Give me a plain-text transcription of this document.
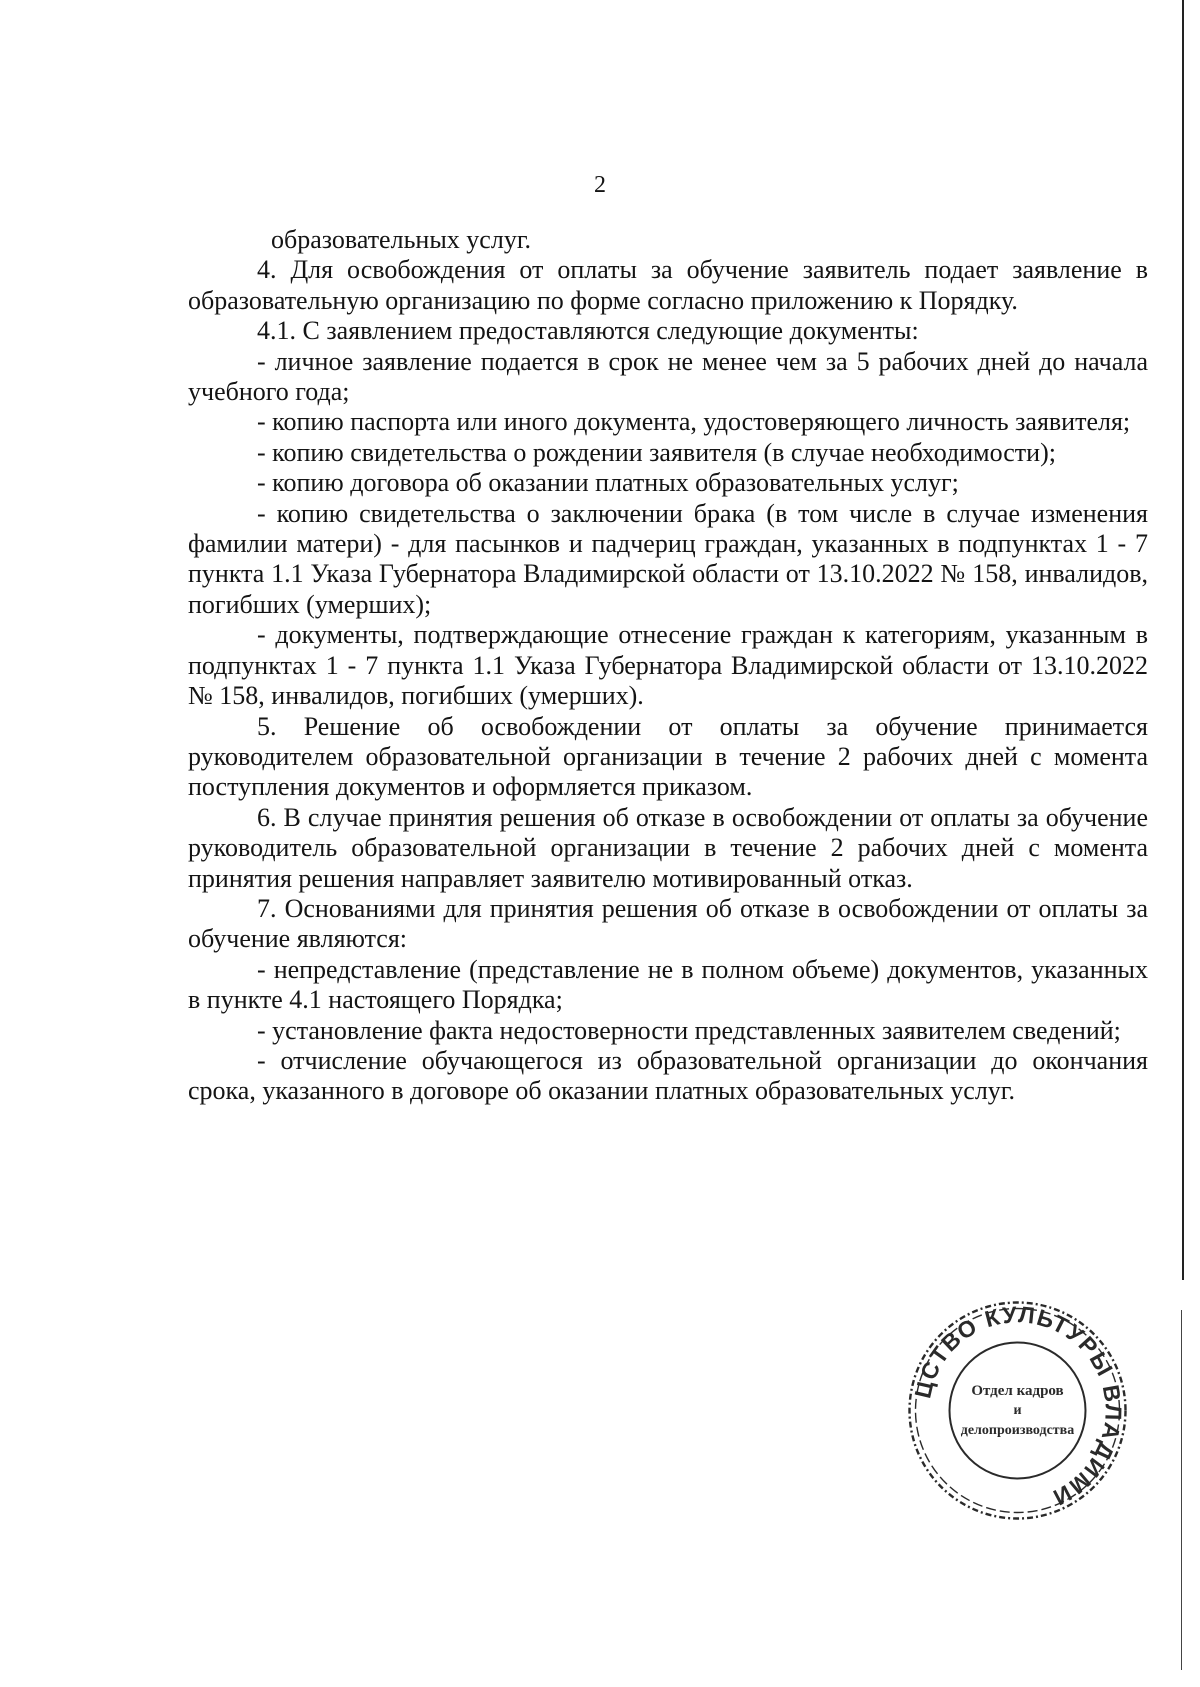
2

образовательных услуг.

4. Для освобождения от оплаты за обучение заявитель подает заявление в образовательную организацию по форме согласно приложению к Порядку.

4.1. С заявлением предоставляются следующие документы:

- личное заявление подается в срок не менее чем за 5 рабочих дней до начала учебного года;

- копию паспорта или иного документа, удостоверяющего личность заявителя;

- копию свидетельства о рождении заявителя (в случае необходимости);

- копию договора об оказании платных образовательных услуг;

- копию свидетельства о заключении брака (в том числе в случае изменения фамилии матери) - для пасынков и падчериц граждан, указанных в подпунктах 1 - 7 пункта 1.1 Указа Губернатора Владимирской области от 13.10.2022 № 158, инвалидов, погибших (умерших);

- документы, подтверждающие отнесение граждан к категориям, указанным в подпунктах 1 - 7 пункта 1.1 Указа Губернатора Владимирской области от 13.10.2022 № 158, инвалидов, погибших (умерших).

5. Решение об освобождении от оплаты за обучение принимается руководителем образовательной организации в течение 2 рабочих дней с момента поступления документов и оформляется приказом.

6. В случае принятия решения об отказе в освобождении от оплаты за обучение руководитель образовательной организации в течение 2 рабочих дней с момента принятия решения направляет заявителю мотивированный отказ.

7. Основаниями для принятия решения об отказе в освобождении от оплаты за обучение являются:

- непредставление (представление не в полном объеме) документов, указанных в пункте 4.1 настоящего Порядка;

- установление факта недостоверности представленных заявителем сведений;

- отчисление обучающегося из образовательной организации до окончания срока, указанного в договоре об оказании платных образовательных услуг.

ЦСТВО КУЛЬТУРЫ ВЛАДИМИ
Отдел кадров
и
делопроизводства
